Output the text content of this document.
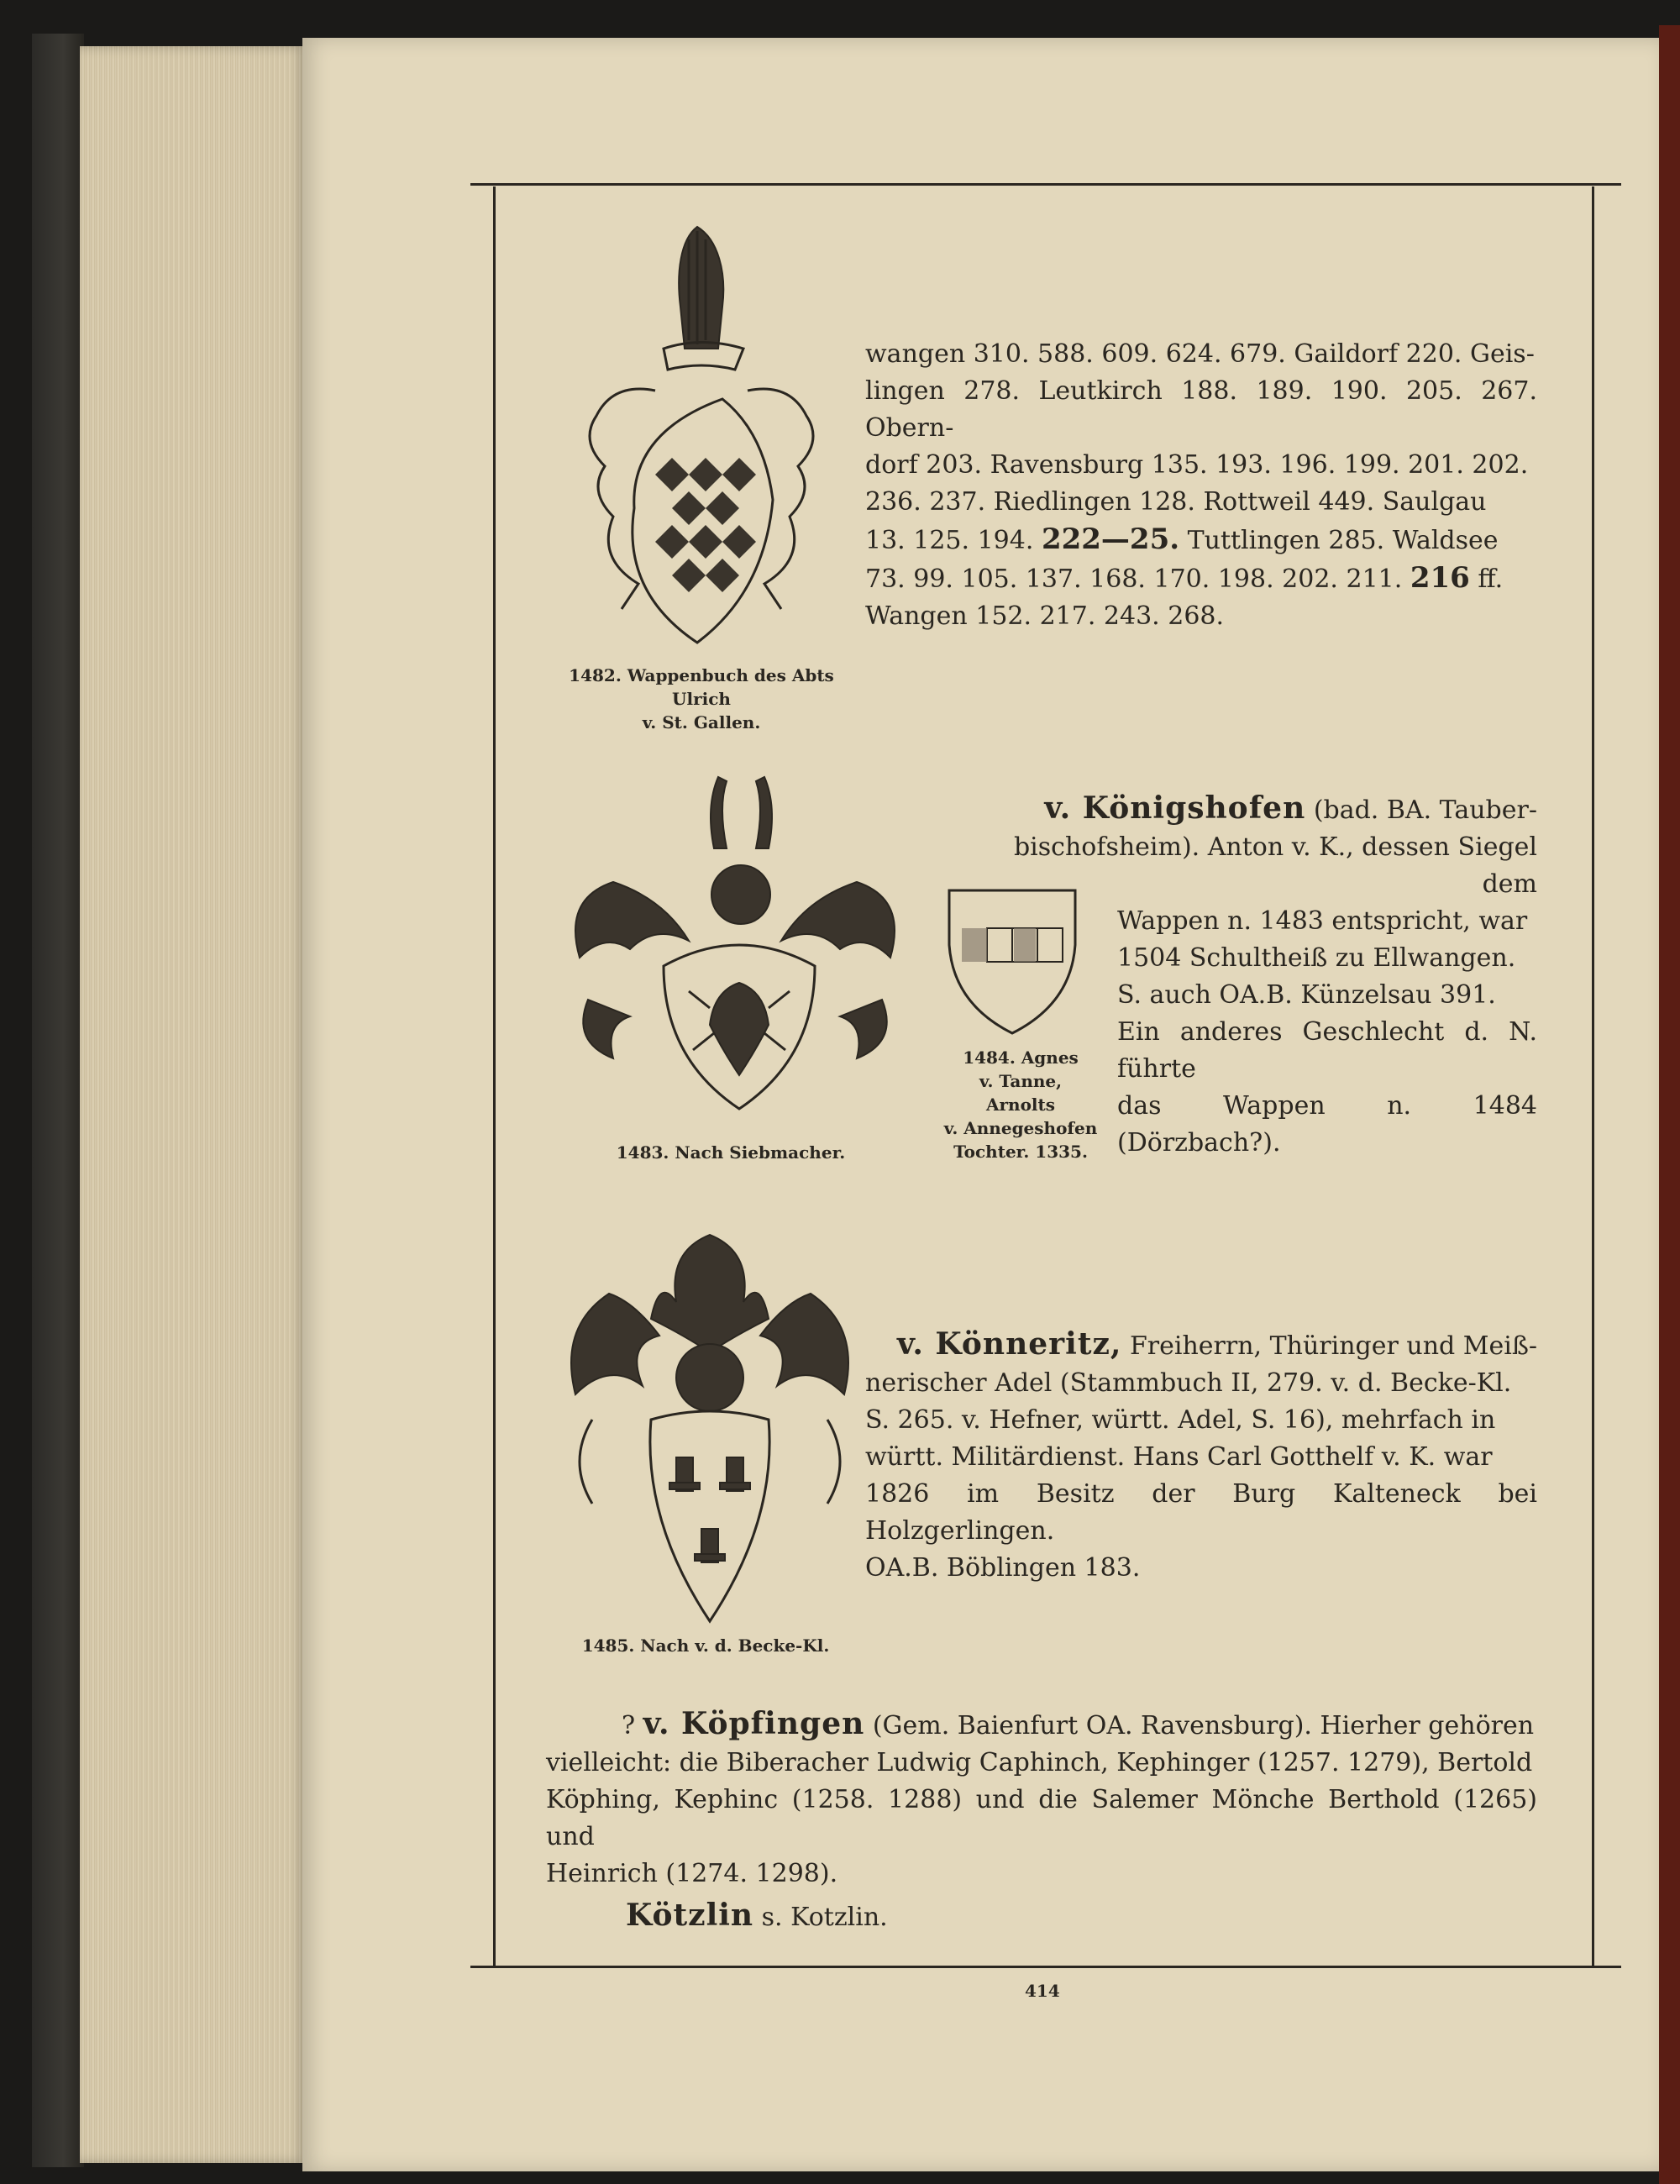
1482. Wappenbuch des Abts Ulrich
v. St. Gallen.
wangen 310. 588. 609. 624. 679. Gaildorf 220. Geis-
lingen 278. Leutkirch 188. 189. 190. 205. 267. Obern-
dorf 203. Ravensburg 135. 193. 196. 199. 201. 202.
236. 237. Riedlingen 128. Rottweil 449. Saulgau
13. 125. 194. 222—25. Tuttlingen 285. Waldsee
73. 99. 105. 137. 168. 170. 198. 202. 211. 216 ff.
Wangen 152. 217. 243. 268.
1483. Nach Siebmacher.
1484. Agnes
v. Tanne,
Arnolts
v. Annegeshofen
Tochter. 1335.
v. Königshofen (bad. BA. Tauber-
bischofsheim). Anton v. K., dessen Siegel dem
Wappen n. 1483 entspricht, war
1504 Schultheiß zu Ellwangen.
S. auch OA.B. Künzelsau 391.
Ein anderes Geschlecht d. N. führte
das Wappen n. 1484 (Dörzbach?).
1485. Nach v. d. Becke-Kl.
v. Könneritz, Freiherrn, Thüringer und Meiß-
nerischer Adel (Stammbuch II, 279. v. d. Becke-Kl.
S. 265. v. Hefner, württ. Adel, S. 16), mehrfach in
württ. Militärdienst. Hans Carl Gotthelf v. K. war
1826 im Besitz der Burg Kalteneck bei Holzgerlingen.
OA.B. Böblingen 183.
? v. Köpfingen (Gem. Baienfurt OA. Ravensburg). Hierher gehören
vielleicht: die Biberacher Ludwig Caphinch, Kephinger (1257. 1279), Bertold
Köphing, Kephinc (1258. 1288) und die Salemer Mönche Berthold (1265) und
Heinrich (1274. 1298).
Kötzlin s. Kotzlin.
414
